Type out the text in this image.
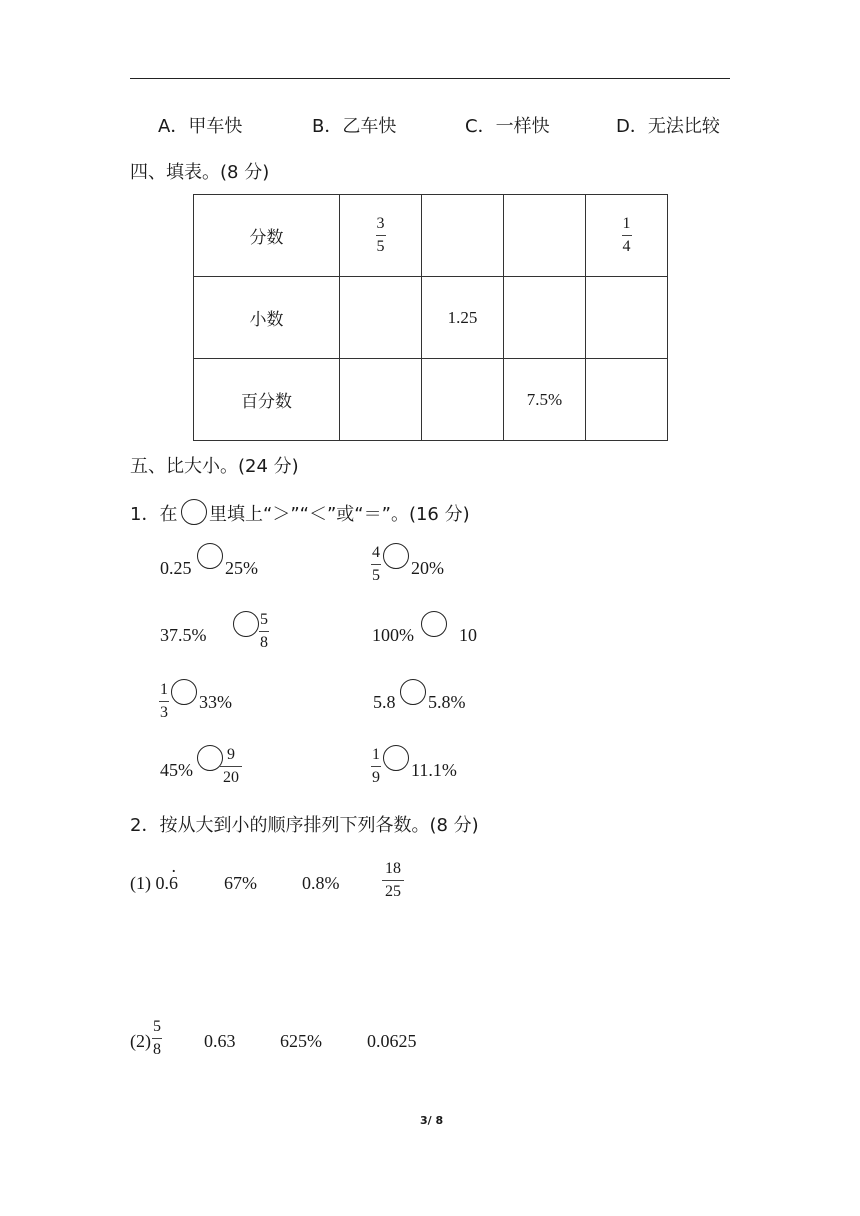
A．甲车快	B．乙车快	C．一样快	D．无法比较
四、填表。(8 分)
分数	$\frac{3}{5}$			$\frac{1}{4}$

小数		1.25		
百分数			7.5%	
五、比大小。(24 分)
1．在 里填上“＞”“＜”或“＝”。(16 分)
0.25 25%	$\frac{4}{5} 20\%$
37.5%	$\frac{5}{8}$	100%	10
$\frac{1}{3} 33\%$	5.8 5.8%
$45\% \frac{9}{20}$	$\frac{1}{9} 11.1\%$
2．按从大到小的顺序排列下列各数。(8 分)
(1) 0.6 ·	67%	0.8%	$\frac{18}{25}$
$(2) \frac{5}{8} 0.63$ 625%	0.0625
3/ 8
